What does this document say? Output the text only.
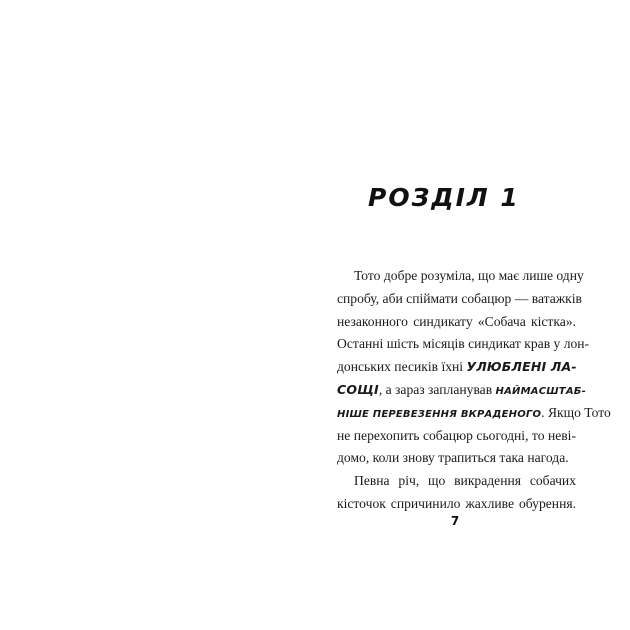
РОЗДІЛ 1
Тото добре розуміла, що має лише одну
спробу, аби спіймати собацюр — ватажків
незаконного синдикату «Собача кістка».
Останні шість місяців синдикат крав у лон-
донських песиків їхні УЛЮБЛЕНІ ЛА-
СОЩІ, а зараз запланував НАЙМАСШТАБ-
НІШЕ ПЕРЕВЕЗЕННЯ ВКРАДЕНОГО. Якщо Тото
не перехопить собацюр сьогодні, то неві-
домо, коли знову трапиться така нагода.
Певна річ, що викрадення собачих
кісточок спричинило жахливе обурення.
7
